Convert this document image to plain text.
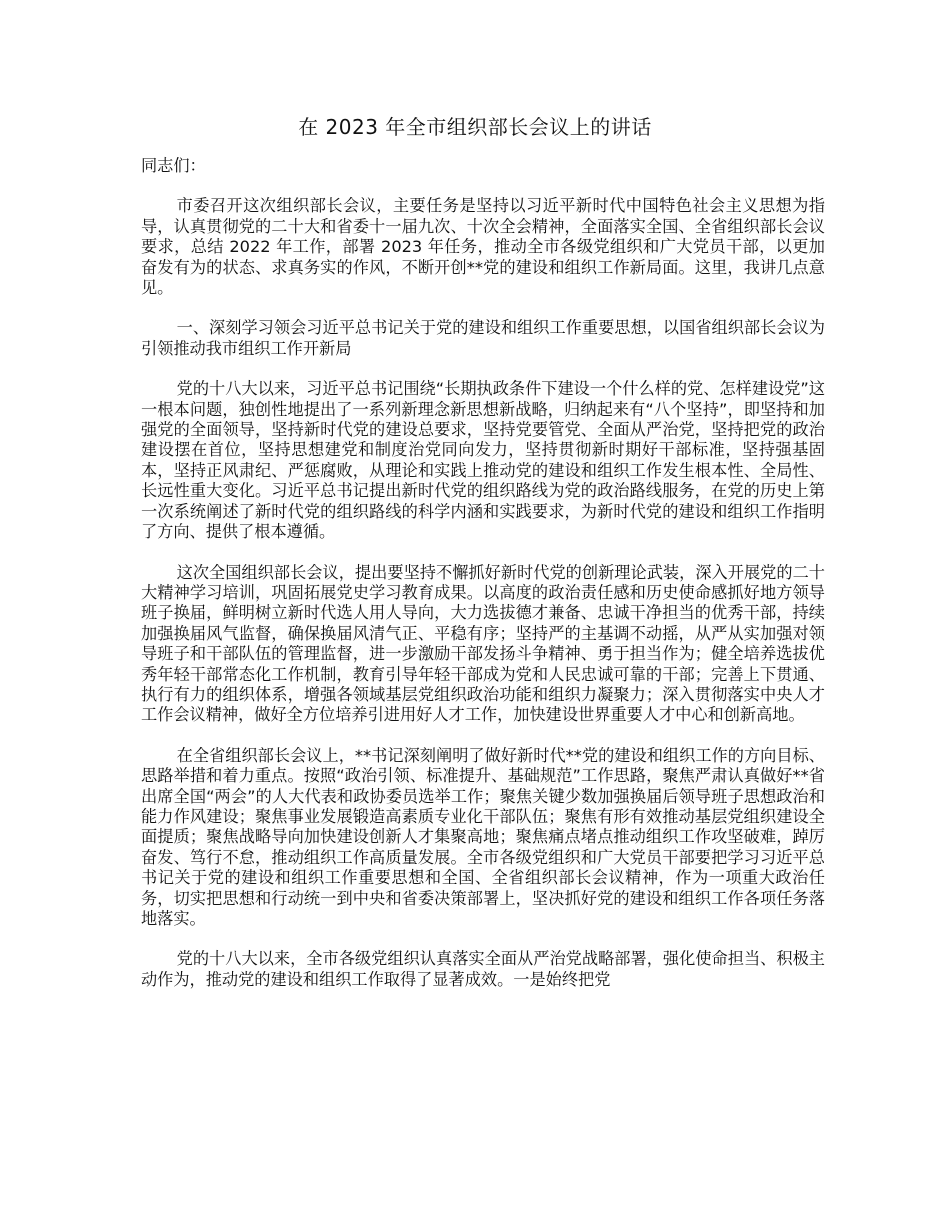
在 2023 年全市组织部长会议上的讲话

同志们：

市委召开这次组织部长会议，主要任务是坚持以习近平新时代中国特色社会主义思想为指导，认真贯彻党的二十大和省委十一届九次、十次全会精神，全面落实全国、全省组织部长会议要求，总结 2022 年工作，部署 2023 年任务，推动全市各级党组织和广大党员干部，以更加奋发有为的状态、求真务实的作风，不断开创**党的建设和组织工作新局面。这里，我讲几点意见。

一、深刻学习领会习近平总书记关于党的建设和组织工作重要思想，以国省组织部长会议为引领推动我市组织工作开新局

党的十八大以来，习近平总书记围绕“长期执政条件下建设一个什么样的党、怎样建设党”这一根本问题，独创性地提出了一系列新理念新思想新战略，归纳起来有“八个坚持”，即坚持和加强党的全面领导，坚持新时代党的建设总要求，坚持党要管党、全面从严治党，坚持把党的政治建设摆在首位，坚持思想建党和制度治党同向发力，坚持贯彻新时期好干部标准，坚持强基固本，坚持正风肃纪、严惩腐败，从理论和实践上推动党的建设和组织工作发生根本性、全局性、长远性重大变化。习近平总书记提出新时代党的组织路线为党的政治路线服务，在党的历史上第一次系统阐述了新时代党的组织路线的科学内涵和实践要求，为新时代党的建设和组织工作指明了方向、提供了根本遵循。

这次全国组织部长会议，提出要坚持不懈抓好新时代党的创新理论武装，深入开展党的二十大精神学习培训，巩固拓展党史学习教育成果。以高度的政治责任感和历史使命感抓好地方领导班子换届，鲜明树立新时代选人用人导向，大力选拔德才兼备、忠诚干净担当的优秀干部，持续加强换届风气监督，确保换届风清气正、平稳有序；坚持严的主基调不动摇，从严从实加强对领导班子和干部队伍的管理监督，进一步激励干部发扬斗争精神、勇于担当作为；健全培养选拔优秀年轻干部常态化工作机制，教育引导年轻干部成为党和人民忠诚可靠的干部；完善上下贯通、执行有力的组织体系，增强各领域基层党组织政治功能和组织力凝聚力；深入贯彻落实中央人才工作会议精神，做好全方位培养引进用好人才工作，加快建设世界重要人才中心和创新高地。

在全省组织部长会议上，**书记深刻阐明了做好新时代**党的建设和组织工作的方向目标、思路举措和着力重点。按照“政治引领、标准提升、基础规范”工作思路，聚焦严肃认真做好**省出席全国“两会”的人大代表和政协委员选举工作；聚焦关键少数加强换届后领导班子思想政治和能力作风建设；聚焦事业发展锻造高素质专业化干部队伍；聚焦有形有效推动基层党组织建设全面提质；聚焦战略导向加快建设创新人才集聚高地；聚焦痛点堵点推动组织工作攻坚破难，踔厉奋发、笃行不怠，推动组织工作高质量发展。全市各级党组织和广大党员干部要把学习习近平总书记关于党的建设和组织工作重要思想和全国、全省组织部长会议精神，作为一项重大政治任务，切实把思想和行动统一到中央和省委决策部署上，坚决抓好党的建设和组织工作各项任务落地落实。

党的十八大以来，全市各级党组织认真落实全面从严治党战略部署，强化使命担当、积极主动作为，推动党的建设和组织工作取得了显著成效。一是始终把党
